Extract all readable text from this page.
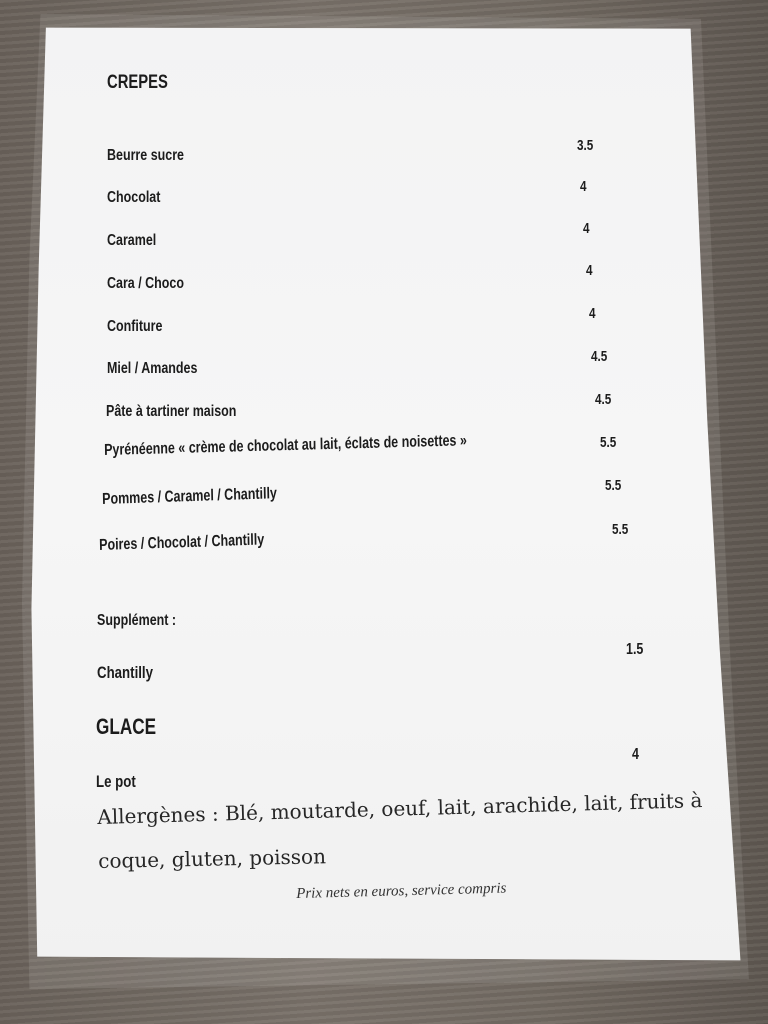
CREPES
Beurre sucre
3.5
Chocolat
4
Caramel
4
Cara / Choco
4
Confiture
4
Miel / Amandes
4.5
Pâte à tartiner maison
4.5
Pyrénéenne « crème de chocolat au lait, éclats de noisettes »	5.5
Pommes / Caramel / Chantilly	5.5
Poires / Chocolat / Chantilly
5.5
Supplément :
Chantilly
1.5
GLACE
Le pot
4
Allergènes : Blé, moutarde, oeuf, lait, arachide, lait, fruits à
coque, gluten, poisson
Prix nets en euros, service compris
